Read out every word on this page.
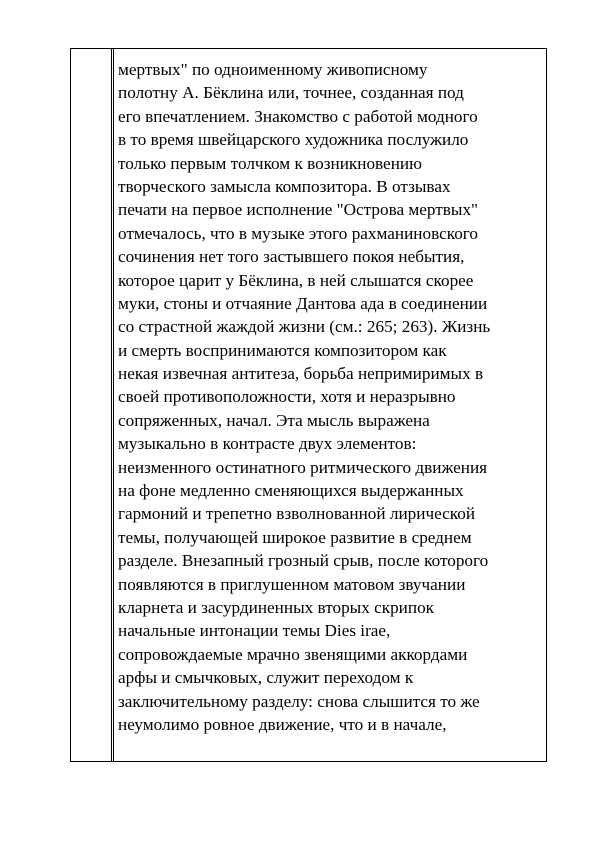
мертвых" по одноименному живописному
полотну А. Бёклина или, точнее, созданная под
его впечатлением. Знакомство с работой модного
в то время швейцарского художника послужило
только первым толчком к возникновению
творческого замысла композитора. В отзывах
печати на первое исполнение "Острова мертвых"
отмечалось, что в музыке этого рахманиновского
сочинения нет того застывшего покоя небытия,
которое царит у Бёклина, в ней слышатся скорее
муки, стоны и отчаяние Дантова ада в соединении
со страстной жаждой жизни (см.: 265; 263). Жизнь
и смерть воспринимаются композитором как
некая извечная антитеза, борьба непримиримых в
своей противоположности, хотя и неразрывно
сопряженных, начал. Эта мысль выражена
музыкально в контрасте двух элементов:
неизменного остинатного ритмического движения
на фоне медленно сменяющихся выдержанных
гармоний и трепетно взволнованной лирической
темы, получающей широкое развитие в среднем
разделе. Внезапный грозный срыв, после которого
появляются в приглушенном матовом звучании
кларнета и засурдиненных вторых скрипок
начальные интонации темы Dies irae,
сопровождаемые мрачно звенящими аккордами
арфы и смычковых, служит переходом к
заключительному разделу: снова слышится то же
неумолимо ровное движение, что и в начале,
